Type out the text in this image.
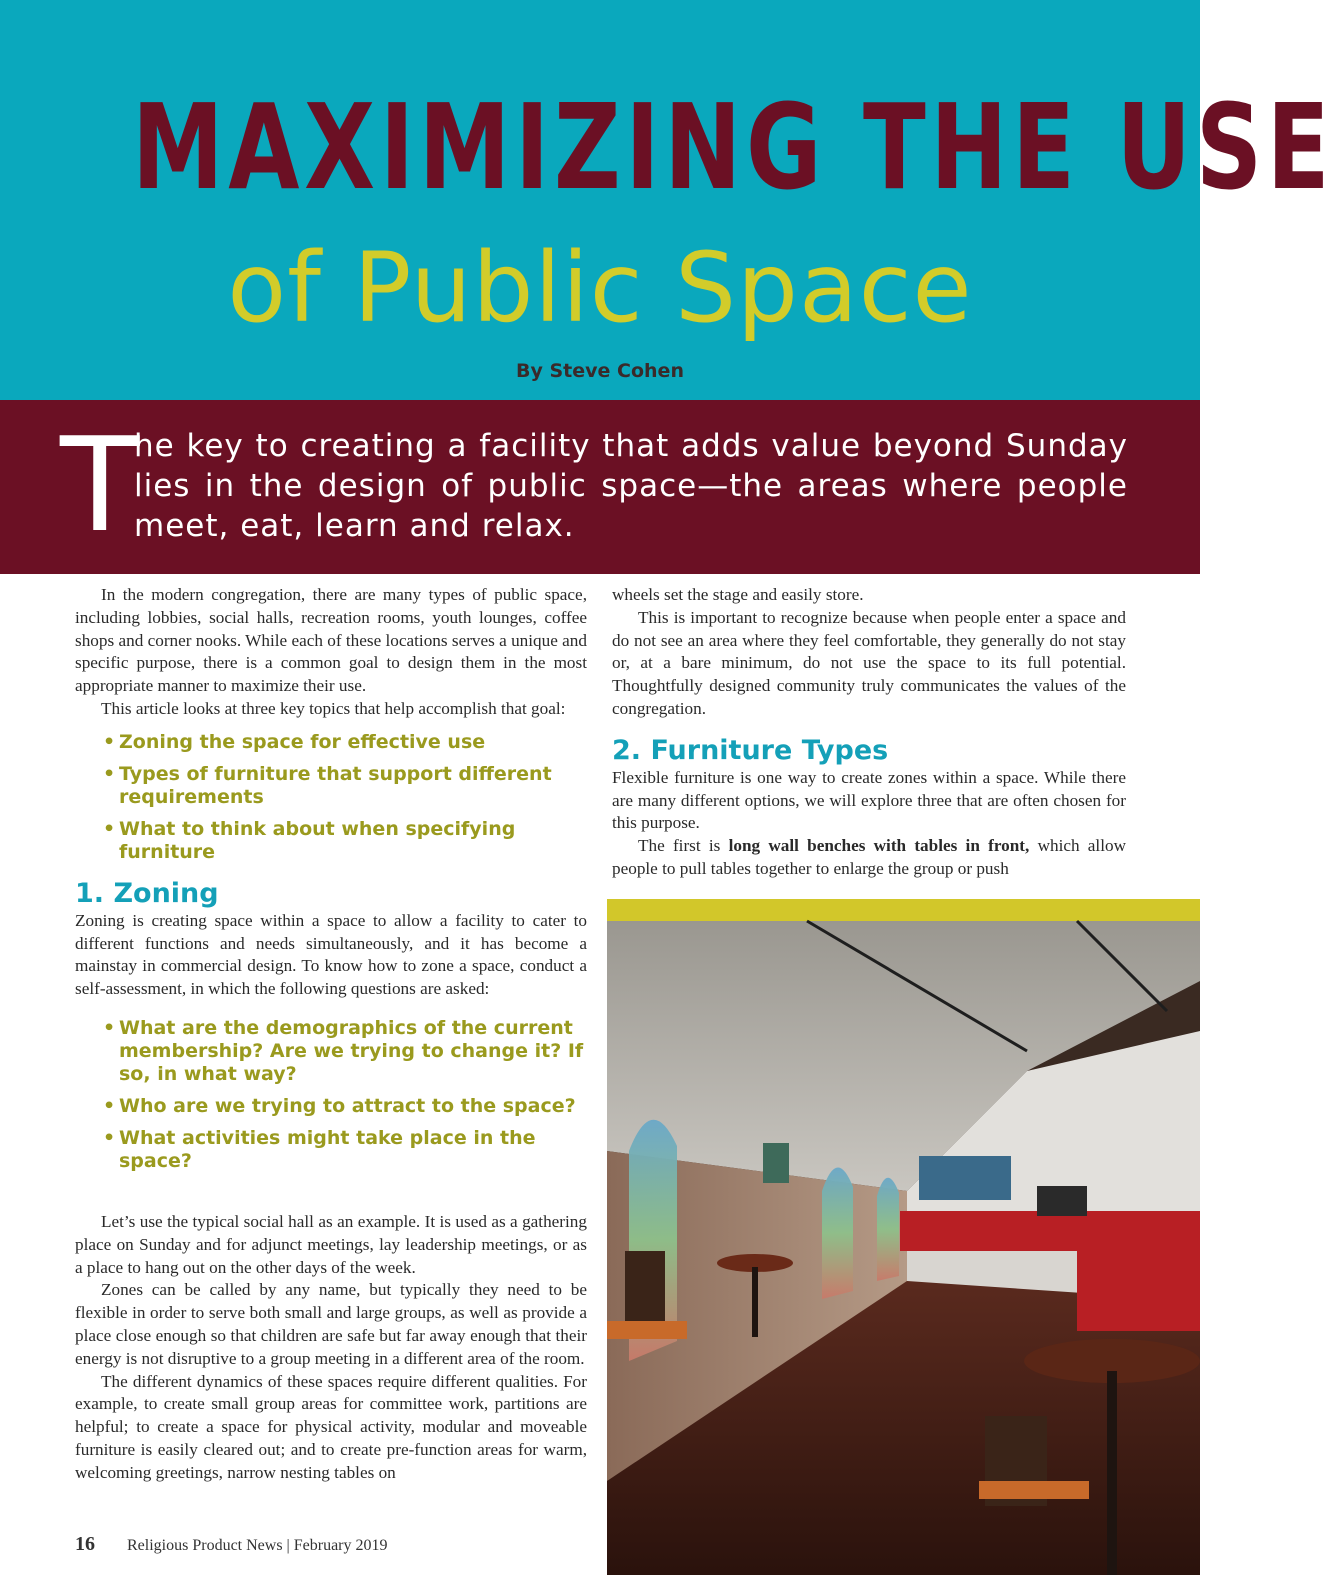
MAXIMIZING THE USE
of Public Space
By Steve Cohen
T
he key to creating a facility that adds value beyond Sunday lies in the design of public space—the areas where people meet, eat, learn and relax.

In the modern congregation, there are many types of public space, including lobbies, social halls, recreation rooms, youth lounges, coffee shops and corner nooks. While each of these locations serves a unique and specific purpose, there is a common goal to design them in the most appropriate manner to maximize their use.

This article looks at three key topics that help accomplish that goal:

• Zoning the space for effective use
• Types of furniture that support different requirements
• What to think about when specifying furniture
1. Zoning

Zoning is creating space within a space to allow a facility to cater to different functions and needs simultaneously, and it has become a mainstay in commercial design. To know how to zone a space, conduct a self-assessment, in which the following questions are asked:

• What are the demographics of the current membership? Are we trying to change it? If so, in what way?
• Who are we trying to attract to the space?
• What activities might take place in the space?

Let’s use the typical social hall as an example. It is used as a gathering place on Sunday and for adjunct meetings, lay leadership meetings, or as a place to hang out on the other days of the week.

Zones can be called by any name, but typically they need to be flexible in order to serve both small and large groups, as well as provide a place close enough so that children are safe but far away enough that their energy is not disruptive to a group meeting in a different area of the room.

The different dynamics of these spaces require different qualities. For example, to create small group areas for committee work, partitions are helpful; to create a space for physical activity, modular and moveable furniture is easily cleared out; and to create pre-function areas for warm, welcoming greetings, narrow nesting tables on

wheels set the stage and easily store.

This is important to recognize because when people enter a space and do not see an area where they feel comfortable, they generally do not stay or, at a bare minimum, do not use the space to its full potential. Thoughtfully designed community truly communicates the values of the congregation.

2. Furniture Types

Flexible furniture is one way to create zones within a space. While there are many different options, we will explore three that are often chosen for this purpose.

The first is long wall benches with tables in front, which allow people to pull tables together to enlarge the group or push

16 Religious Product News | February 2019
